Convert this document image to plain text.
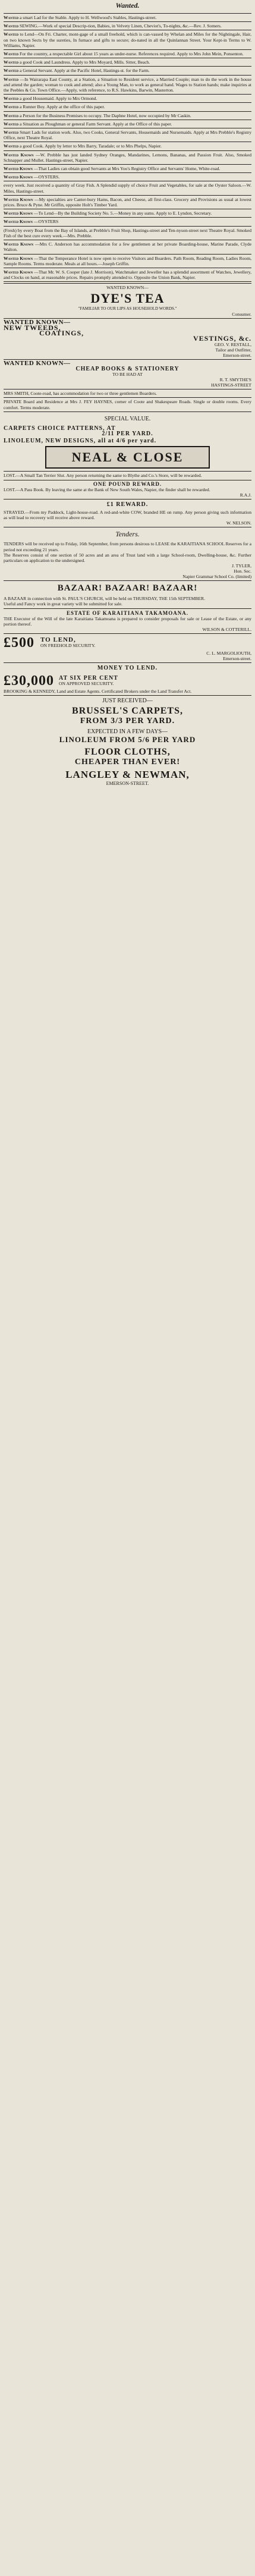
Wanted.
Wanted a smart Lad for the Stable. Apply to H. Wellwood's Stables, Hastings-street.
Wanted SEWING.—Work of special Descrip-tion, Babies, in Velvety Linen, Cheviot's, To-nights, &c.—Rev. J. Somers.
Wanted to Lend—On Fri. Charter, mont-gage of a small freehold, which is can-vassed by Whelan and Miles for the Nightingale, Hair, on two known Sects by the sureties, In furnace and gifts to secure; do-nated in all the Quinlannan Street. Your Kept-in Terms to W. Williams, Napier.
Wanted For the country, a respectable Girl about 15 years as under-nurse. References required. Apply to Mrs John Mein, Ponsenton.
Wanted a good Cook and Laundress. Apply to Mrs Moyard, Mills. Sitter, Beach.
Wanted a General Servant. Apply at the Pacific Hotel, Hastings-st. for the Farm.
Wanted —In Wairarapa East County, at a Station, a Situation to Resident service, a Married Couple; man to do the work in the house and attend the garden; woman to cook and attend; also a Young Man, to work as general hand. Wages to Station hands; make inquiries at the Peebles & Co. Town Office.—Apply, with reference, to R.S. Hawkins, Barwin, Masterton.
Wanted a good Housemaid. Apply to Mrs Ormond.
Wanted a Runner Boy. Apply at the office of this paper.
Wanted a Person for the Business Premises to occupy. The Daphne Hotel, now occupied by Mr Caskin.
Wanted a Situation as Ploughman or general Farm Servant. Apply at the Office of this paper.
Wanted Smart Lads for station work. Also, two Cooks, General Servants, Housemaids and Nursemaids. Apply at Mrs Prebble's Registry Office, next Theatre Royal.
Wanted a good Cook. Apply by letter to Mrs Barry, Taradale; or to Mrs Phelps, Napier.
Wanted Known —W. Prebble has just landed Sydney Oranges, Mandarines, Lemons, Bananas, and Passion Fruit. Also, Smoked Schnapper and Mullet. Hastings-street, Napier.
Wanted Known —That Ladies can obtain good Servants at Mrs Yoo's Registry Office and Servants' Home, White-road.
Wanted Known —OYSTERS.
every week. Just received a quantity of Gray Fish. A Splendid supply of choice Fruit and Vegetables, for sale at the Oyster Saloon.—W. Miles, Hastings-street.
Wanted Known —My specialties are Canter-bury Hams, Bacon, and Cheese, all first-class. Grocery and Provisions as usual at lowest prices. Bruce & Pyne. Mr Griffin, opposite Holt's Timber Yard.
Wanted Known —To Lend—By the Building Society No. 5.—Money in any sums. Apply to E. Lyndon, Secretary.
Wanted Known —OYSTERS
(Fresh) by every Boat from the Bay of Islands, at Prebble's Fruit Shop, Hastings-street and Ten-nyson-street next Theatre Royal. Smoked Fish of the best cure every week.—Mrs. Prebble.
Wanted Known —Mrs C. Anderson has accommodation for a few gentlemen at her private Boarding-house, Marine Parade, Clyde Walton.
Wanted Known —That the Temperance Hotel is now open to receive Visitors and Boarders. Path Room, Reading Room, Ladies Room, Sample Rooms. Terms moderate. Meals at all hours.—Joseph Griffin.
Wanted Known —That Mr. W. S. Cooper (late J. Morrison), Watchmaker and Jeweller has a splendid assortment of Watches, Jewellery, and Clocks on hand, at reasonable prices. Repairs promptly attended to. Opposite the Union Bank, Napier.
WANTED KNOWN—
DYE'S TEA
"FAMILIAR TO OUR LIPS AS HOUSEHOLD WORDS."
Consumer.

WANTED KNOWN—

NEW TWEEDS,

COATINGS,

VESTINGS, &c.

GEO. V. RESTALL,
Tailor and Outfitter,
Emerson-street.

WANTED KNOWN—

CHEAP BOOKS & STATIONERY

TO BE HAD AT

R. T. SMYTHE'S
HASTINGS-STREET

MRS SMITH, Coote-road, has accommodation for two or three gentlemen Boarders.

PRIVATE Board and Residence at Mrs J. FEY HAYNES, corner of Coote and Shakespeare Roads. Single or double rooms. Every comfort. Terms moderate.

SPECIAL VALUE.

CARPETS CHOICE PATTERNS, AT

2/11 PER YARD.

LINOLEUM, NEW DESIGNS, all at 4/6 per yard.

NEAL & CLOSE

LOST.—A Small Tan Terrier Slut. Any person returning the same to Blythe and Co.'s Store, will be rewarded.

ONE POUND REWARD.

LOST.—A Pass Book. By leaving the same at the Bank of New South Wales, Napier, the finder shall be rewarded.

R.A.J.
£1 REWARD.

STRAYED.—From my Paddock, Light-house-road. A red-and-white COW, branded HE on rump. Any person giving such information as will lead to recovery will receive above reward.

W. NELSON.
Tenders.

TENDERS will be received up to Friday, 16th September, from persons desirous to LEASE the KARAITIANA SCHOOL Reserves for a period not exceeding 21 years.

The Reserves consist of one section of 50 acres and an area of Trust land with a large School-room, Dwelling-house, &c. Further particulars on application to the undersigned.

J. TYLER,
Hon. Sec.
Napier Grammar School Co. (limited)
BAZAAR! BAZAAR! BAZAAR!

A BAZAAR in connection with St. PAUL'S CHURCH, will be held on THURSDAY, THE 15th SEPTEMBER.

Useful and Fancy work in great variety will be submitted for sale.

ESTATE OF KARAITIANA TAKAMOANA.

THE Executor of the Will of the late Karaitiana Takamoana is prepared to consider proposals for sale or Lease of the Estate, or any portion thereof.

WILSON & COTTERILL.
£500 TO LEND,
ON FREEHOLD SECURITY.
C. L. MARGOLIOUTH,
Emerson-street.
MONEY TO LEND.
£30,000 AT SIX PER CENT
ON APPROVED SECURITY.

BROOKING & KENNEDY, Land and Estate Agents. Certificated Brokers under the Land Transfer Act.

JUST RECEIVED—
BRUSSEL'S CARPETS,
FROM 3/3 PER YARD.
EXPECTED IN A FEW DAYS—
LINOLEUM FROM 5/6 PER YARD
FLOOR CLOTHS,
CHEAPER THAN EVER!
LANGLEY & NEWMAN,
EMERSON-STREET.
